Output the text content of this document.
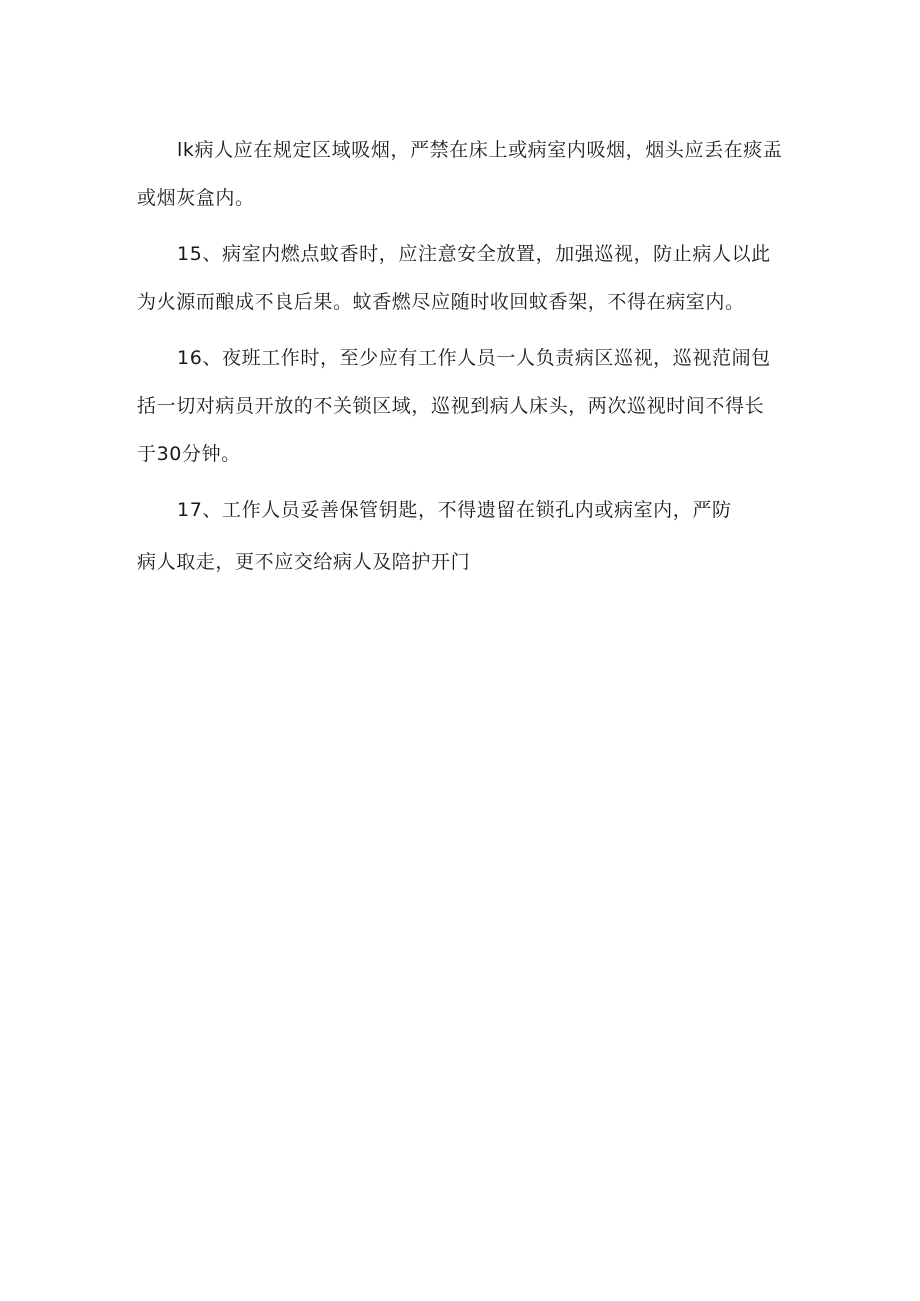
lk病人应在规定区域吸烟，严禁在床上或病室内吸烟，烟头应丢在痰盂
或烟灰盒内。
15、病室内燃点蚊香时，应注意安全放置，加强巡视，防止病人以此
为火源而酿成不良后果。蚊香燃尽应随时收回蚊香架，不得在病室内。
16、夜班工作时，至少应有工作人员一人负责病区巡视，巡视范闹包
括一切对病员开放的不关锁区域，巡视到病人床头，两次巡视时间不得长
于30分钟。
17、工作人员妥善保管钥匙，不得遗留在锁孔内或病室内，严防
病人取走，更不应交给病人及陪护开门
